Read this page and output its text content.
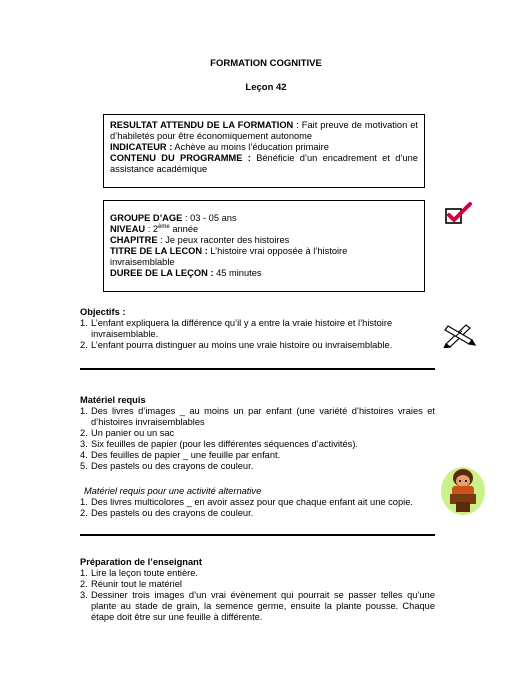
FORMATION COGNITIVE
Leçon 42
RESULTAT ATTENDU DE LA FORMATION : Fait preuve de motivation et d’habiletés pour être économiquement autonome
INDICATEUR : Achève au moins l’éducation primaire
CONTENU DU PROGRAMME : Bénéficie d’un encadrement et d’une assistance académique
GROUPE D’AGE : 03 - 05 ans
NIVEAU : 2ème année
CHAPITRE : Je peux raconter des histoires
TITRE DE LA LECON : L’histoire vrai opposée à l’histoire invraisemblable
DUREE DE LA LEÇON : 45 minutes
Objectifs :
1. L’enfant expliquera la différence qu’il y a entre la vraie histoire et l’histoire invraisemblable.
2. L’enfant pourra distinguer au moins une vraie histoire ou invraisemblable.
Matériel requis
1. Des livres d’images _ au moins un par enfant (une variété d’histoires vraies et d’histoires invraisemblables
2. Un panier ou un sac
3. Six feuilles de papier (pour les différentes séquences d’activités).
4. Des feuilles de papier _ une feuille par enfant.
5. Des pastels ou des crayons de couleur.
Matériel requis pour une activité alternative
1. Des livres multicolores _ en avoir assez pour que chaque enfant ait une copie.
2. Des pastels ou des crayons de couleur.
Préparation de l’enseignant
1. Lire la leçon toute entière.
2. Réunir tout le matériel
3. Dessiner trois images d’un vrai évènement qui pourrait se passer telles qu’une plante au stade de grain, la semence germe, ensuite la plante pousse. Chaque étape doit être sur une feuille à différente.
